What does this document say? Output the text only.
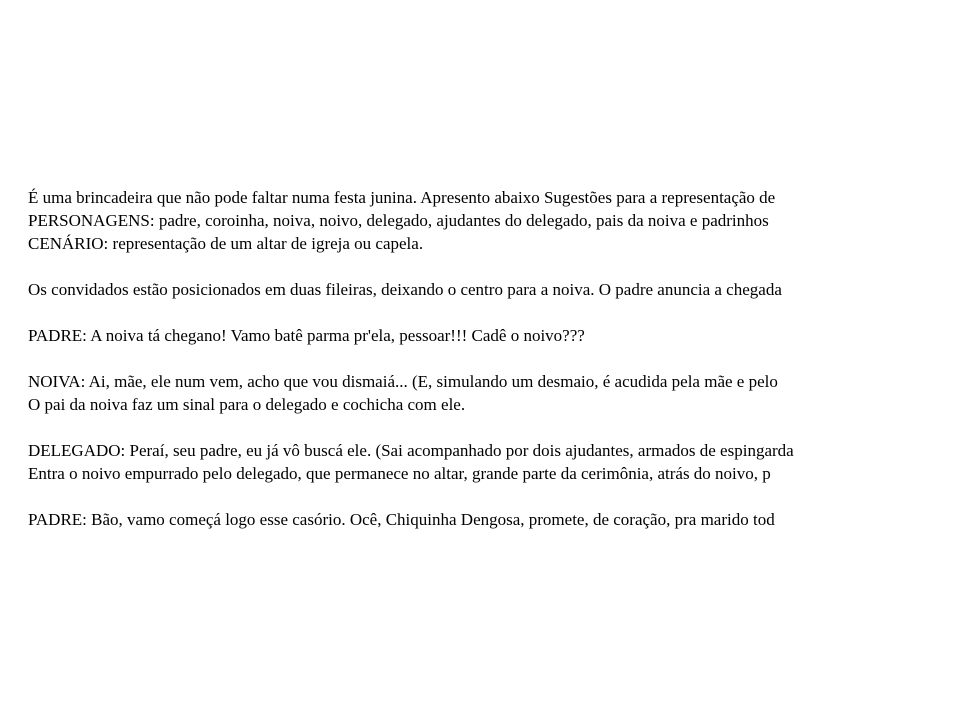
É uma brincadeira que não pode faltar numa festa junina. Apresento abaixo Sugestões para a representação de
PERSONAGENS: padre, coroinha, noiva, noivo, delegado, ajudantes do delegado, pais da noiva e padrinhos
CENÁRIO: representação de um altar de igreja ou capela.
Os convidados estão posicionados em duas fileiras, deixando o centro para a noiva. O padre anuncia a chegada
PADRE: A noiva tá chegano! Vamo batê parma pr'ela, pessoar!!! Cadê o noivo???
NOIVA: Ai, mãe, ele num vem, acho que vou dismaiá... (E, simulando um desmaio, é acudida pela mãe e pelo
O pai da noiva faz um sinal para o delegado e cochicha com ele.
DELEGADO: Peraí, seu padre, eu já vô buscá ele. (Sai acompanhado por dois ajudantes, armados de espingarda
Entra o noivo empurrado pelo delegado, que permanece no altar, grande parte da cerimônia, atrás do noivo, p
PADRE: Bão, vamo começá logo esse casório. Ocê, Chiquinha Dengosa, promete, de coração, pra marido tod
